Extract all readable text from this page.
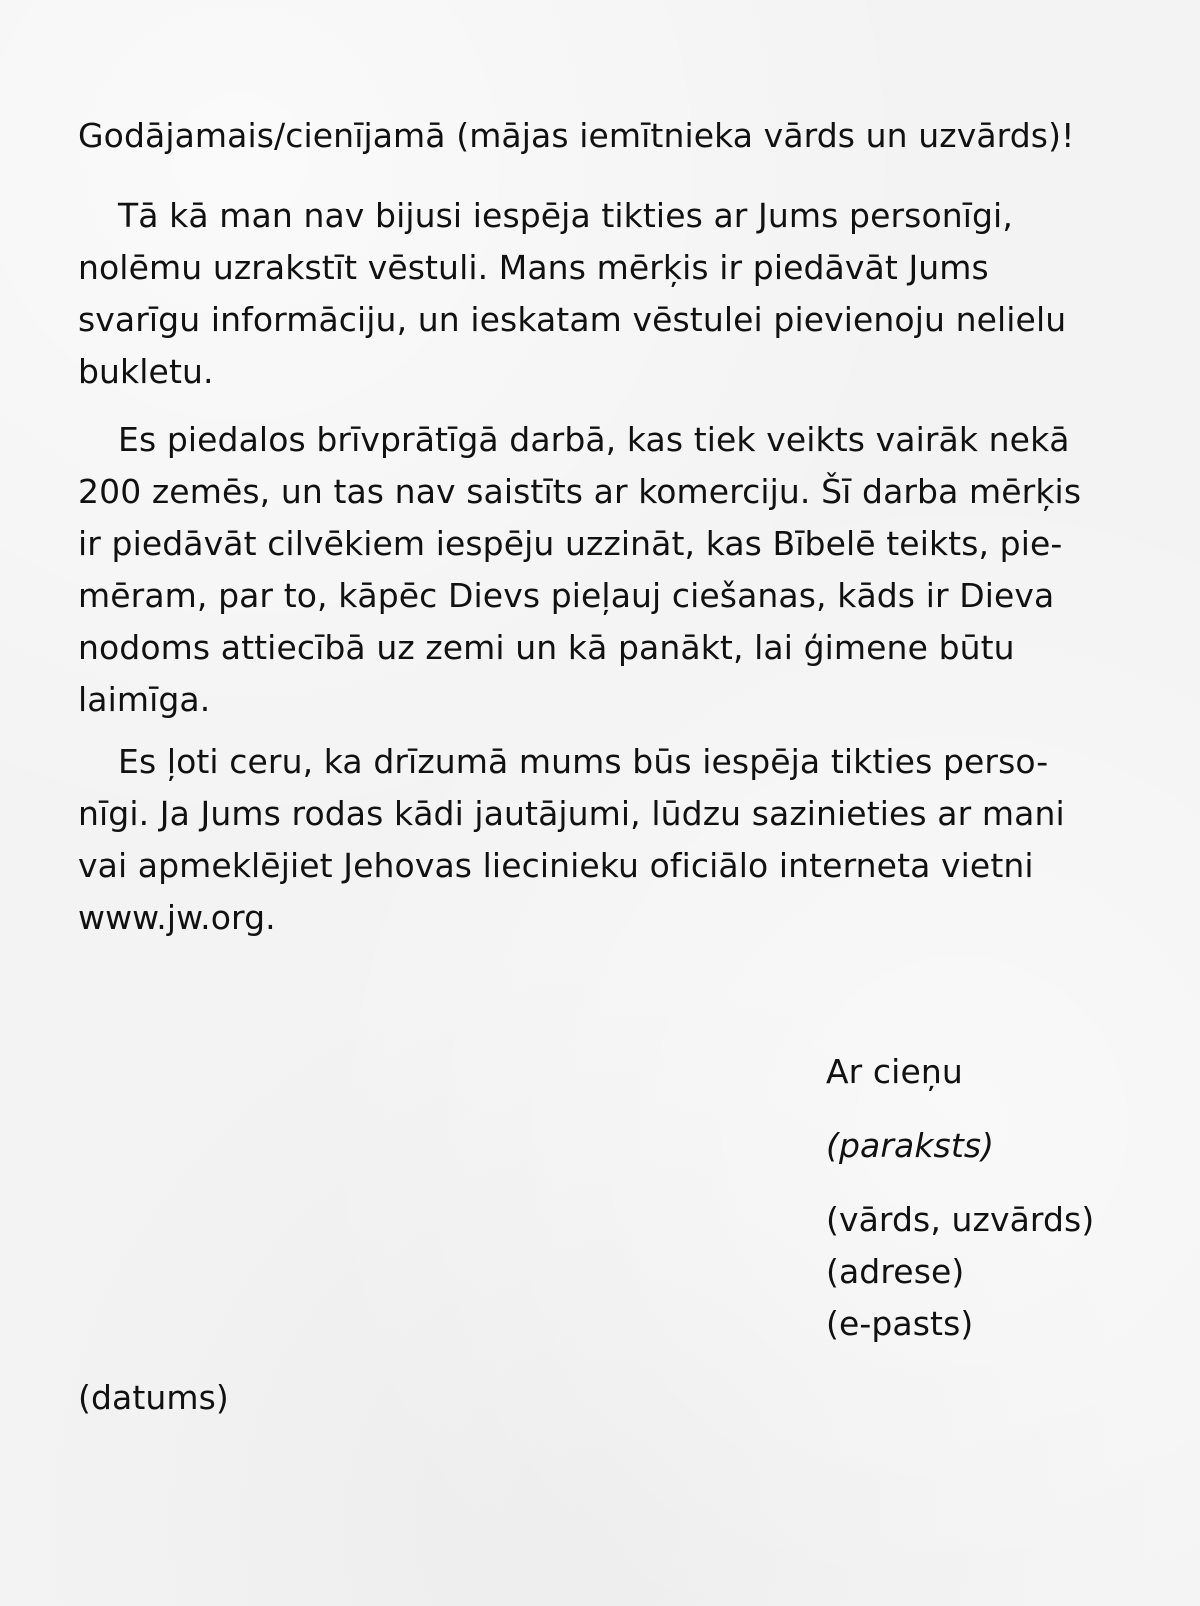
Godājamais/cienījamā (mājas iemītnieka vārds un uzvārds)!
Tā kā man nav bijusi iespēja tikties ar Jums personīgi,
nolēmu uzrakstīt vēstuli. Mans mērķis ir piedāvāt Jums
svarīgu informāciju, un ieskatam vēstulei pievienoju nelielu
bukletu.
Es piedalos brīvprātīgā darbā, kas tiek veikts vairāk nekā
200 zemēs, un tas nav saistīts ar komerciju. Šī darba mērķis
ir piedāvāt cilvēkiem iespēju uzzināt, kas Bībelē teikts, pie-
mēram, par to, kāpēc Dievs pieļauj ciešanas, kāds ir Dieva
nodoms attiecībā uz zemi un kā panākt, lai ģimene būtu
laimīga.
Es ļoti ceru, ka drīzumā mums būs iespēja tikties perso-
nīgi. Ja Jums rodas kādi jautājumi, lūdzu sazinieties ar mani
vai apmeklējiet Jehovas liecinieku oficiālo interneta vietni
www.jw.org.
Ar cieņu
(paraksts)
(vārds, uzvārds)
(adrese)
(e-pasts)
(datums)
